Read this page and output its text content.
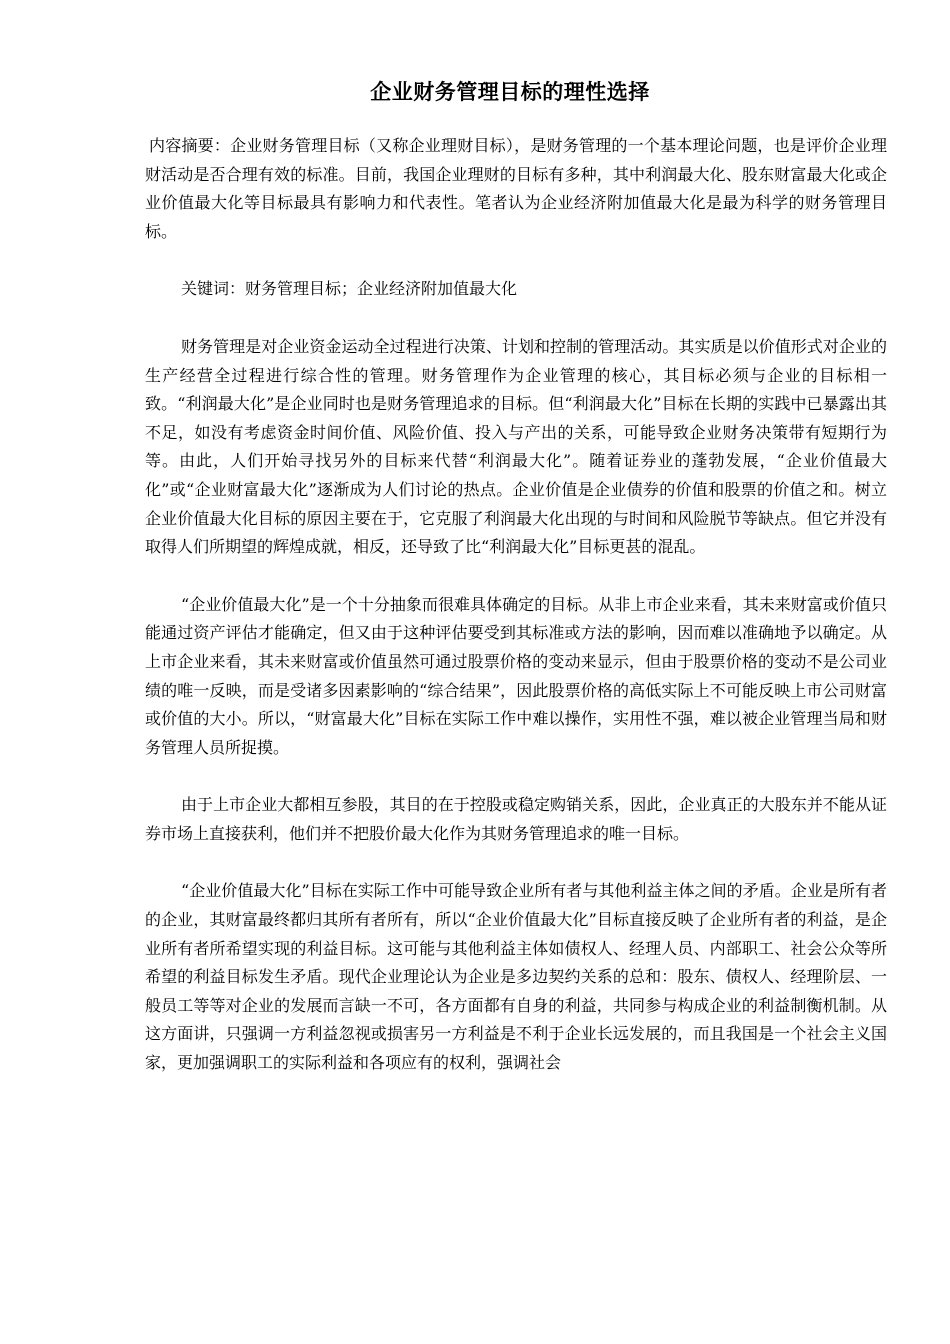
企业财务管理目标的理性选择

内容摘要：企业财务管理目标（又称企业理财目标），是财务管理的一个基本理论问题，也是评价企业理财活动是否合理有效的标准。目前，我国企业理财的目标有多种，其中利润最大化、股东财富最大化或企业价值最大化等目标最具有影响力和代表性。笔者认为企业经济附加值最大化是最为科学的财务管理目标。

关键词：财务管理目标；企业经济附加值最大化

财务管理是对企业资金运动全过程进行决策、计划和控制的管理活动。其实质是以价值形式对企业的生产经营全过程进行综合性的管理。财务管理作为企业管理的核心，其目标必须与企业的目标相一致。“利润最大化”是企业同时也是财务管理追求的目标。但“利润最大化”目标在长期的实践中已暴露出其不足，如没有考虑资金时间价值、风险价值、投入与产出的关系，可能导致企业财务决策带有短期行为等。由此，人们开始寻找另外的目标来代替“利润最大化”。随着证券业的蓬勃发展，“企业价值最大化”或“企业财富最大化”逐渐成为人们讨论的热点。企业价值是企业债券的价值和股票的价值之和。树立企业价值最大化目标的原因主要在于，它克服了利润最大化出现的与时间和风险脱节等缺点。但它并没有取得人们所期望的辉煌成就，相反，还导致了比“利润最大化”目标更甚的混乱。

“企业价值最大化”是一个十分抽象而很难具体确定的目标。从非上市企业来看，其未来财富或价值只能通过资产评估才能确定，但又由于这种评估要受到其标准或方法的影响，因而难以准确地予以确定。从上市企业来看，其未来财富或价值虽然可通过股票价格的变动来显示，但由于股票价格的变动不是公司业绩的唯一反映，而是受诸多因素影响的“综合结果”，因此股票价格的高低实际上不可能反映上市公司财富或价值的大小。所以，“财富最大化”目标在实际工作中难以操作，实用性不强，难以被企业管理当局和财务管理人员所捉摸。

由于上市企业大都相互参股，其目的在于控股或稳定购销关系，因此，企业真正的大股东并不能从证券市场上直接获利，他们并不把股价最大化作为其财务管理追求的唯一目标。

“企业价值最大化”目标在实际工作中可能导致企业所有者与其他利益主体之间的矛盾。企业是所有者的企业，其财富最终都归其所有者所有，所以“企业价值最大化”目标直接反映了企业所有者的利益，是企业所有者所希望实现的利益目标。这可能与其他利益主体如债权人、经理人员、内部职工、社会公众等所希望的利益目标发生矛盾。现代企业理论认为企业是多边契约关系的总和：股东、债权人、经理阶层、一般员工等等对企业的发展而言缺一不可，各方面都有自身的利益，共同参与构成企业的利益制衡机制。从这方面讲，只强调一方利益忽视或损害另一方利益是不利于企业长远发展的，而且我国是一个社会主义国家，更加强调职工的实际利益和各项应有的权利，强调社会
